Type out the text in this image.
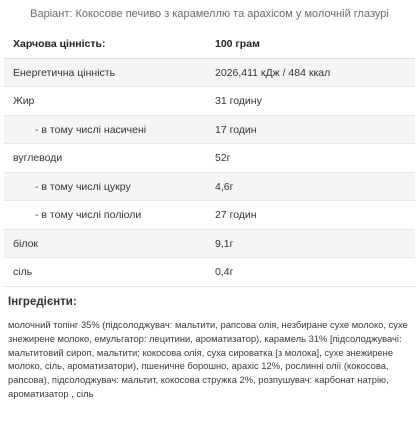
Варіант: Кокосове печиво з карамеллю та арахісом у молочній глазурі
Харчова цінність:	100 грам
Енергетична цінність	2026,411 кДж / 484 ккал
Жир	31 годину
- в тому числі насичені	17 годин
вуглеводи	52г
- в тому числі цукру	4,6г
- в тому числі поліоли	27 годин
білок	9,1г
сіль	0,4г
Інгредієнти:
молочний топінг 35% (підсолоджувач: мальтити, рапсова олія, незбиране сухе молоко, сухе знежирене молоко, емульгатор: лецитини, ароматизатор), карамель 31% [підсолоджувачі: мальтитовий сироп, мальтити; кокосова олія, суха сироватка [з молока], сухе знежирене молоко, сіль, ароматизатори), пшеничне борошно, арахіс 12%, рослинні олії (кокосова, рапсова), підсолоджувач: мальтит, кокосова стружка 2%, розпушувач: карбонат натрію, ароматизатор , сіль
